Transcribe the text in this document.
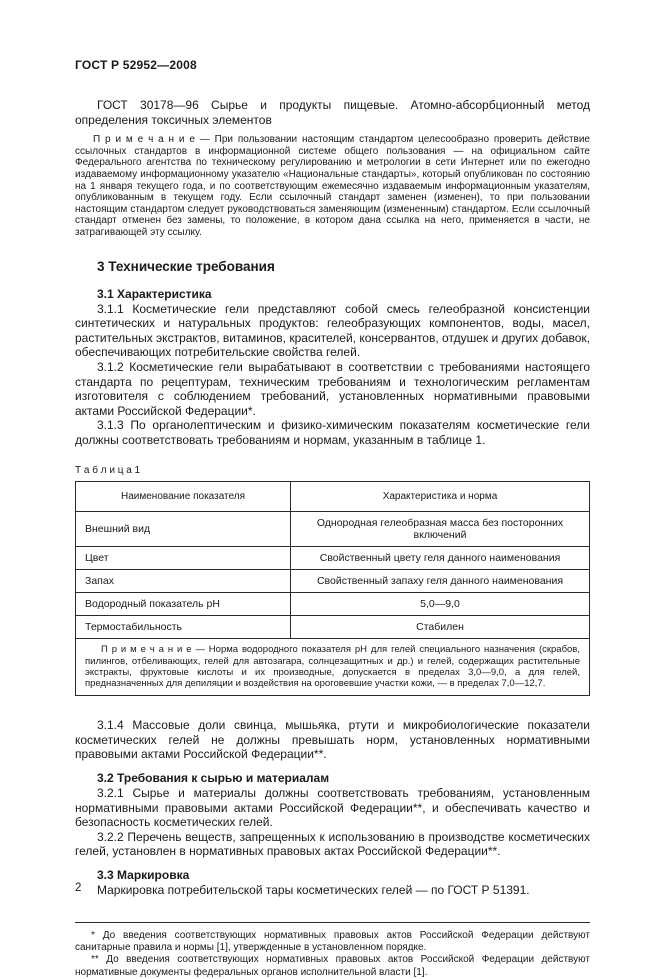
ГОСТ Р 52952—2008

ГОСТ 30178—96 Сырье и продукты пищевые. Атомно-абсорбционный метод определения токсичных элементов

П р и м е ч а н и е — При пользовании настоящим стандартом целесообразно проверить действие ссылочных стандартов в информационной системе общего пользования — на официальном сайте Федерального агентства по техническому регулированию и метрологии в сети Интернет или по ежегодно издаваемому информационному указателю «Национальные стандарты», который опубликован по состоянию на 1 января текущего года, и по соответствующим ежемесячно издаваемым информационным указателям, опубликованным в текущем году. Если ссылочный стандарт заменен (изменен), то при пользовании настоящим стандартом следует руководствоваться заменяющим (измененным) стандартом. Если ссылочный стандарт отменен без замены, то положение, в котором дана ссылка на него, применяется в части, не затрагивающей эту ссылку.

3 Технические требования
3.1 Характеристика

3.1.1 Косметические гели представляют собой смесь гелеобразной консистенции синтетических и натуральных продуктов: гелеобразующих компонентов, воды, масел, растительных экстрактов, витаминов, красителей, консервантов, отдушек и других добавок, обеспечивающих потребительские свойства гелей.

3.1.2 Косметические гели вырабатывают в соответствии с требованиями настоящего стандарта по рецептурам, техническим требованиям и технологическим регламентам изготовителя с соблюдением требований, установленных нормативными правовыми актами Российской Федерации*.

3.1.3 По органолептическим и физико-химическим показателям косметические гели должны соответствовать требованиям и нормам, указанным в таблице 1.

Т а б л и ц а 1
Наименование показателя	Характеристика и норма
Внешний вид	Однородная гелеобразная масса без посторонних включений
Цвет	Свойственный цвету геля данного наименования
Запах	Свойственный запаху геля данного наименования
Водородный показатель pH	5,0—9,0
Термостабильность	Стабилен

П р и м е ч а н и е — Норма водородного показателя pH для гелей специального назначения (скрабов, пилингов, отбеливающих, гелей для автозагара, солнцезащитных и др.) и гелей, содержащих растительные экстракты, фруктовые кислоты и их производные, допускается в пределах 3,0—9,0, а для гелей, предназначенных для депиляции и воздействия на ороговевшие участки кожи, — в пределах 7,0—12,7.	

3.1.4 Массовые доли свинца, мышьяка, ртути и микробиологические показатели косметических гелей не должны превышать норм, установленных нормативными правовыми актами Российской Федерации**.

3.2 Требования к сырью и материалам

3.2.1 Сырье и материалы должны соответствовать требованиям, установленным нормативными правовыми актами Российской Федерации**, и обеспечивать качество и безопасность косметических гелей.

3.2.2 Перечень веществ, запрещенных к использованию в производстве косметических гелей, установлен в нормативных правовых актах Российской Федерации**.

3.3 Маркировка

Маркировка потребительской тары косметических гелей — по ГОСТ Р 51391.

* До введения соответствующих нормативных правовых актов Российской Федерации действуют санитарные правила и нормы [1], утвержденные в установленном порядке.

** До введения соответствующих нормативных правовых актов Российской Федерации действуют нормативные документы федеральных органов исполнительной власти [1].

2
